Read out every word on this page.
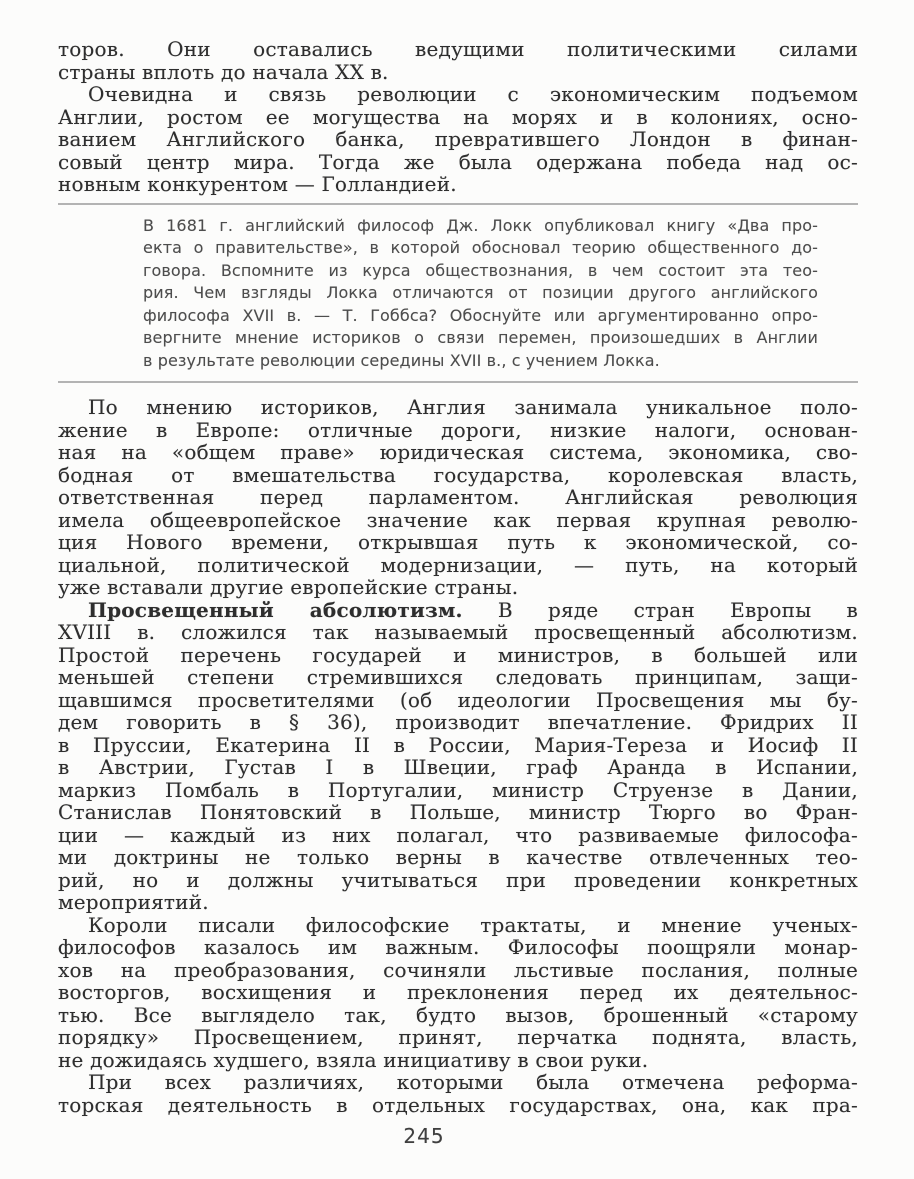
торов. Они оставались ведущими политическими силами
страны вплоть до начала XX в.
Очевидна и связь революции с экономическим подъемом
Англии, ростом ее могущества на морях и в колониях, осно-
ванием Английского банка, превратившего Лондон в финан-
совый центр мира. Тогда же была одержана победа над ос-
новным конкурентом — Голландией.
В 1681 г. английский философ Дж. Локк опубликовал книгу «Два про-
екта о правительстве», в которой обосновал теорию общественного до-
говора. Вспомните из курса обществознания, в чем состоит эта тео-
рия. Чем взгляды Локка отличаются от позиции другого английского
философа XVII в. — Т. Гоббса? Обоснуйте или аргументированно опро-
вергните мнение историков о связи перемен, произошедших в Англии
в результате революции середины XVII в., с учением Локка.
По мнению историков, Англия занимала уникальное поло-
жение в Европе: отличные дороги, низкие налоги, основан-
ная на «общем праве» юридическая система, экономика, сво-
бодная от вмешательства государства, королевская власть,
ответственная перед парламентом. Английская революция
имела общеевропейское значение как первая крупная револю-
ция Нового времени, открывшая путь к экономической, со-
циальной, политической модернизации, — путь, на который
уже вставали другие европейские страны.
Просвещенный абсолютизм. В ряде стран Европы в
XVIII в. сложился так называемый просвещенный абсолютизм.
Простой перечень государей и министров, в большей или
меньшей степени стремившихся следовать принципам, защи-
щавшимся просветителями (об идеологии Просвещения мы бу-
дем говорить в § 36), производит впечатление. Фридрих II
в Пруссии, Екатерина II в России, Мария-Тереза и Иосиф II
в Австрии, Густав I в Швеции, граф Аранда в Испании,
маркиз Помбаль в Португалии, министр Струензе в Дании,
Станислав Понятовский в Польше, министр Тюрго во Фран-
ции — каждый из них полагал, что развиваемые философа-
ми доктрины не только верны в качестве отвлеченных тео-
рий, но и должны учитываться при проведении конкретных
мероприятий.
Короли писали философские трактаты, и мнение ученых-
философов казалось им важным. Философы поощряли монар-
хов на преобразования, сочиняли льстивые послания, полные
восторгов, восхищения и преклонения перед их деятельнос-
тью. Все выглядело так, будто вызов, брошенный «старому
порядку» Просвещением, принят, перчатка поднята, власть,
не дожидаясь худшего, взяла инициативу в свои руки.
При всех различиях, которыми была отмечена реформа-
торская деятельность в отдельных государствах, она, как пра-
245
